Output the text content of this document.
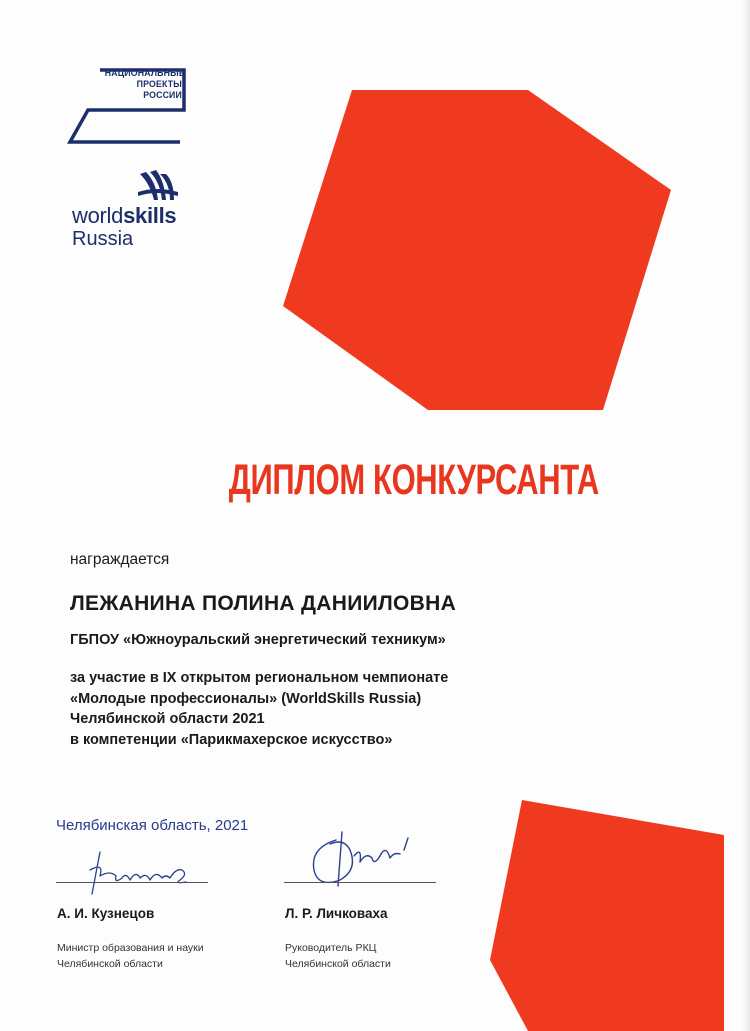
НАЦИОНАЛЬНЫЕ
ПРОЕКТЫ
РОССИИ
worldskills
Russia
ДИПЛОМ КОНКУРСАНТА
награждается
ЛЕЖАНИНА ПОЛИНА ДАНИИЛОВНА
ГБПОУ «Южноуральский энергетический техникум»
за участие в IX открытом региональном чемпионате
«Молодые профессионалы» (WorldSkills Russia)
Челябинской области 2021
в компетенции «Парикмахерское искусство»
Челябинская область, 2021
А. И. Кузнецов
Министр образования и науки
Челябинской области
Л. Р. Личковаха
Руководитель РКЦ
Челябинской области
